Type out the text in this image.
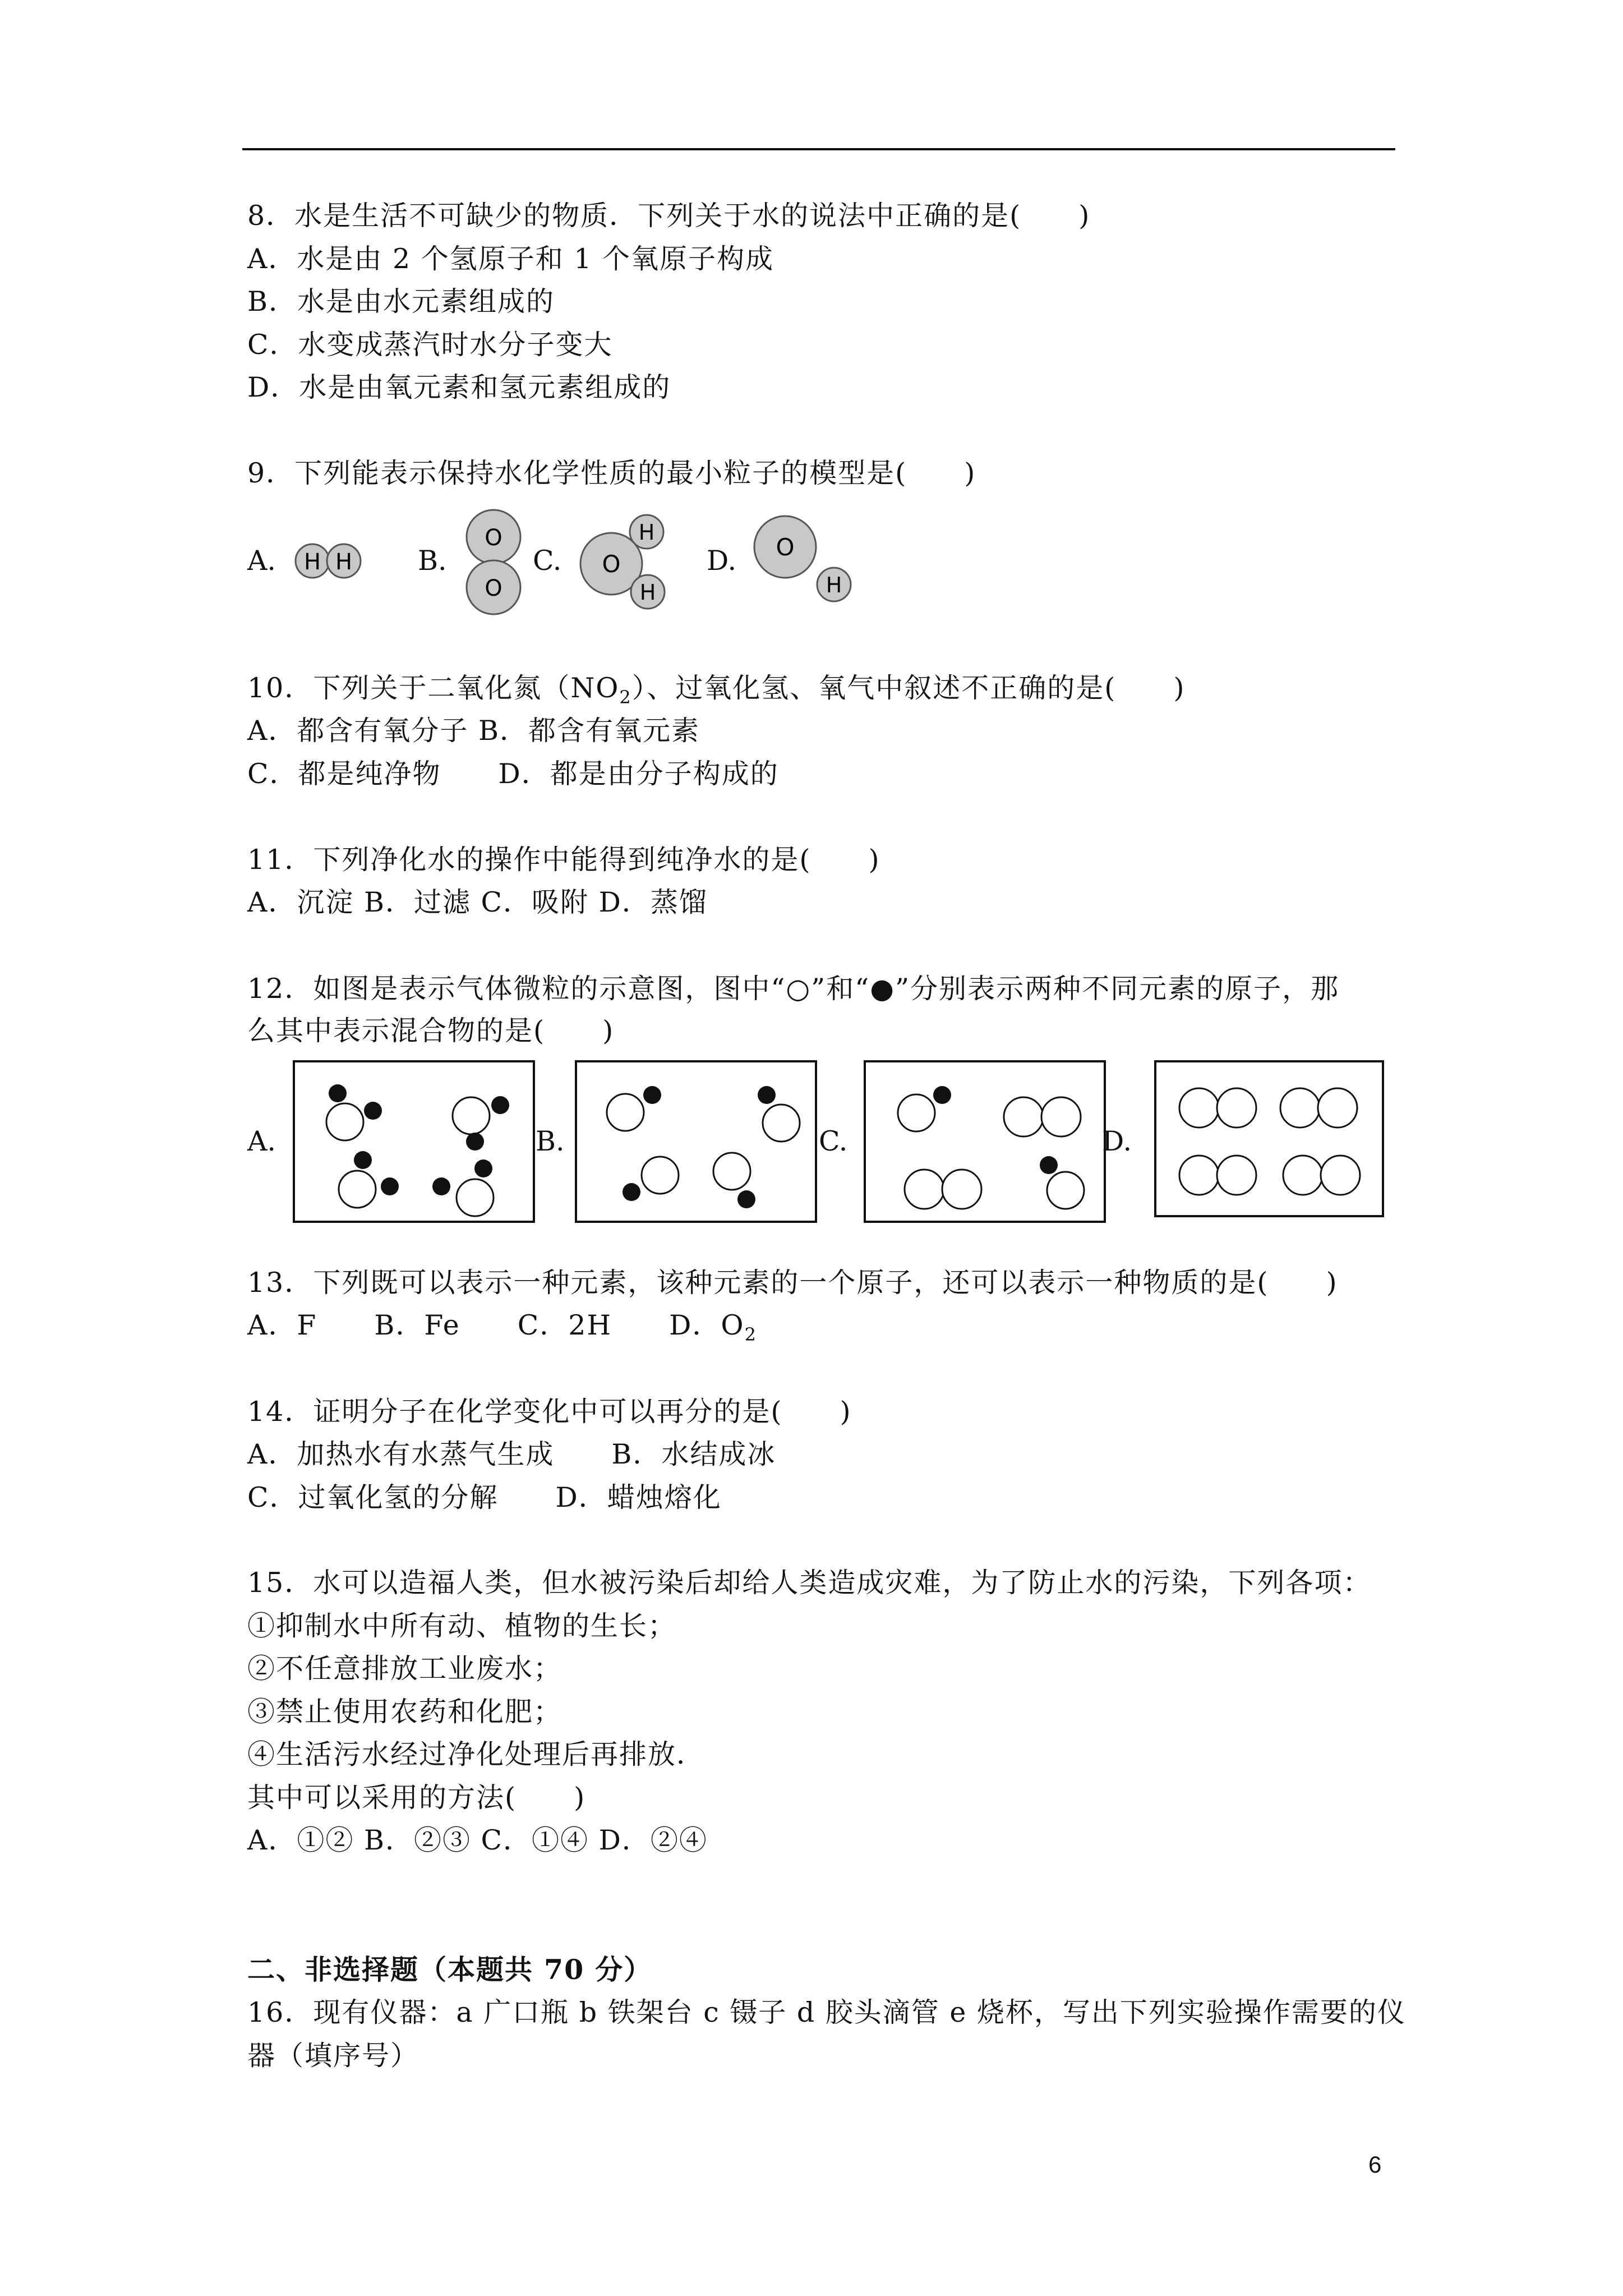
8．水是生活不可缺少的物质．下列关于水的说法中正确的是(　　)
A．水是由 2 个氢原子和 1 个氧原子构成
B．水是由水元素组成的
C．水变成蒸汽时水分子变大
D．水是由氧元素和氢元素组成的
9．下列能表示保持水化学性质的最小粒子的模型是(　　)
A. H H B.
O
O
C. O
H
H
D. O
H
10．下列关于二氧化氮$(NO_2)$、过氧化氢、氧气中叙述不正确的是(　　)
A．都含有氧分子 B．都含有氧元素
C．都是纯净物　　D．都是由分子构成的
11．下列净化水的操作中能得到纯净水的是(　　)
A．沉淀 B．过滤 C．吸附 D．蒸馏
12．如图是表示气体微粒的示意图，图中“○”和“●”分别表示两种不同元素的原子，那
么其中表示混合物的是(　　)
A.	B.	C.	D.
13．下列既可以表示一种元素，该种元素的一个原子，还可以表示一种物质的是(　　)
A．F　　B．Fe　　C．2H　　D．$O_2$
14．证明分子在化学变化中可以再分的是(　　)
A．加热水有水蒸气生成　　B．水结成冰
C．过氧化氢的分解　　D．蜡烛熔化
15．水可以造福人类，但水被污染后却给人类造成灾难，为了防止水的污染，下列各项：
①抑制水中所有动、植物的生长；
②不任意排放工业废水；
③禁止使用农药和化肥；
④生活污水经过净化处理后再排放．
其中可以采用的方法(　　)
A．①② B．②③ C．①④ D．②④
二、非选择题（本题共 70 分）
16．现有仪器：a 广口瓶 b 铁架台 c 镊子 d 胶头滴管 e 烧杯，写出下列实验操作需要的仪
器（填序号）
6
